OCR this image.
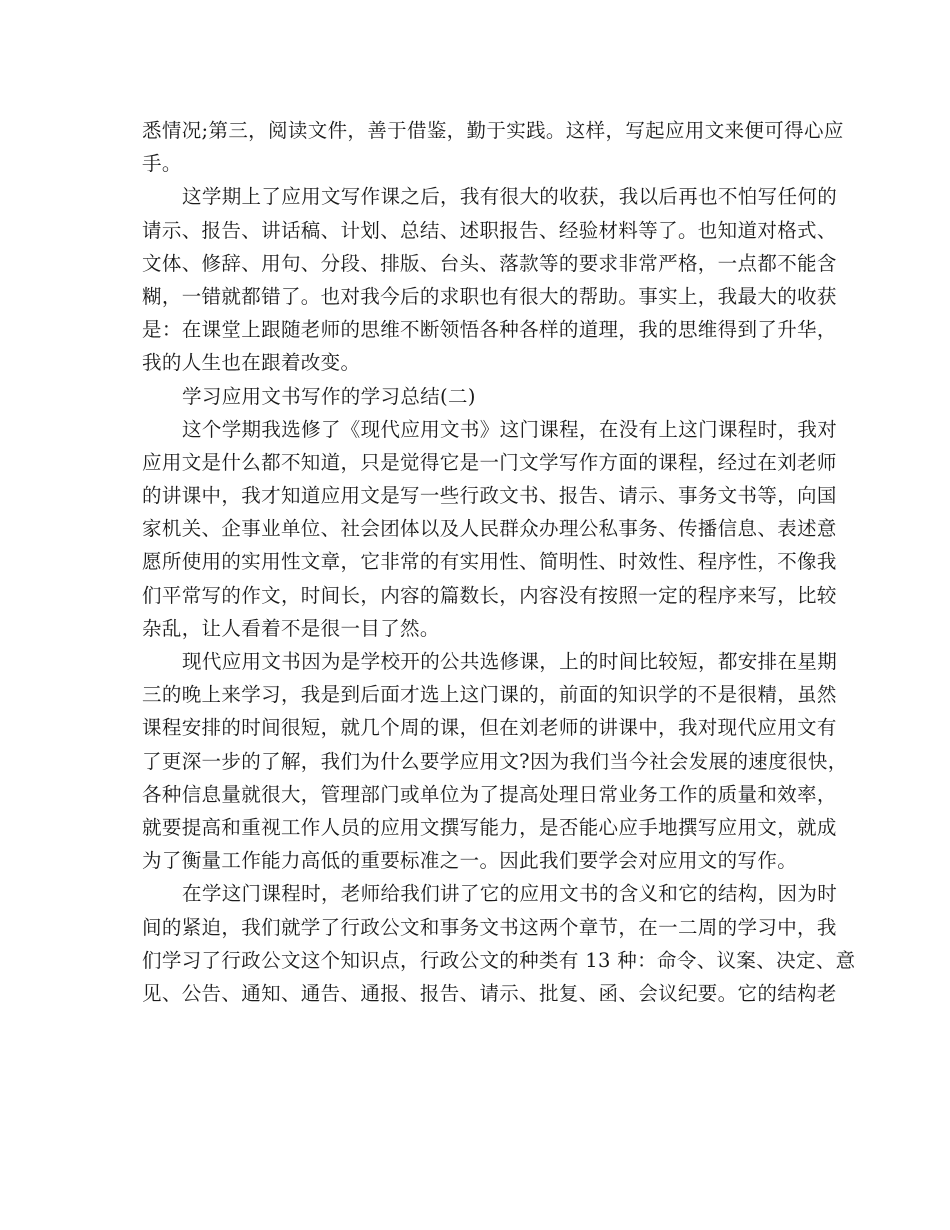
悉情况;第三，阅读文件，善于借鉴，勤于实践。这样，写起应用文来便可得心应
手。
这学期上了应用文写作课之后，我有很大的收获，我以后再也不怕写任何的
请示、报告、讲话稿、计划、总结、述职报告、经验材料等了。也知道对格式、
文体、修辞、用句、分段、排版、台头、落款等的要求非常严格，一点都不能含
糊，一错就都错了。也对我今后的求职也有很大的帮助。事实上，我最大的收获
是：在课堂上跟随老师的思维不断领悟各种各样的道理，我的思维得到了升华，
我的人生也在跟着改变。
学习应用文书写作的学习总结(二)
这个学期我选修了《现代应用文书》这门课程，在没有上这门课程时，我对
应用文是什么都不知道，只是觉得它是一门文学写作方面的课程，经过在刘老师
的讲课中，我才知道应用文是写一些行政文书、报告、请示、事务文书等，向国
家机关、企事业单位、社会团体以及人民群众办理公私事务、传播信息、表述意
愿所使用的实用性文章，它非常的有实用性、简明性、时效性、程序性，不像我
们平常写的作文，时间长，内容的篇数长，内容没有按照一定的程序来写，比较
杂乱，让人看着不是很一目了然。
现代应用文书因为是学校开的公共选修课，上的时间比较短，都安排在星期
三的晚上来学习，我是到后面才选上这门课的，前面的知识学的不是很精，虽然
课程安排的时间很短，就几个周的课，但在刘老师的讲课中，我对现代应用文有
了更深一步的了解，我们为什么要学应用文?因为我们当今社会发展的速度很快，
各种信息量就很大，管理部门或单位为了提高处理日常业务工作的质量和效率，
就要提高和重视工作人员的应用文撰写能力，是否能心应手地撰写应用文，就成
为了衡量工作能力高低的重要标准之一。因此我们要学会对应用文的写作。
在学这门课程时，老师给我们讲了它的应用文书的含义和它的结构，因为时
间的紧迫，我们就学了行政公文和事务文书这两个章节，在一二周的学习中，我
们学习了行政公文这个知识点，行政公文的种类有 13 种：命令、议案、决定、意
见、公告、通知、通告、通报、报告、请示、批复、函、会议纪要。它的结构老
